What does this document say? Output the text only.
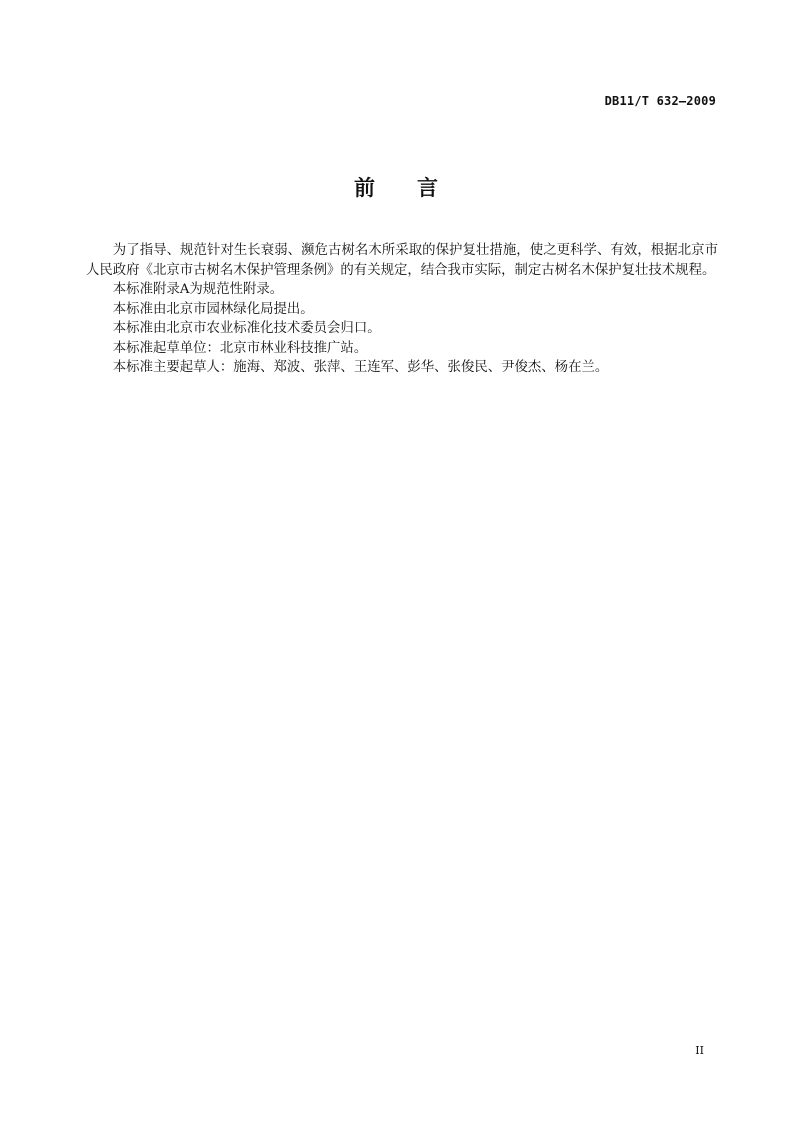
DB11/T 632—2009
前 言

为了指导、规范针对生长衰弱、濒危古树名木所采取的保护复壮措施，使之更科学、有效，根据北京市人民政府《北京市古树名木保护管理条例》的有关规定，结合我市实际，制定古树名木保护复壮技术规程。

本标准附录A为规范性附录。

本标准由北京市园林绿化局提出。

本标准由北京市农业标准化技术委员会归口。

本标准起草单位：北京市林业科技推广站。

本标准主要起草人：施海、郑波、张萍、王连军、彭华、张俊民、尹俊杰、杨在兰。

II
